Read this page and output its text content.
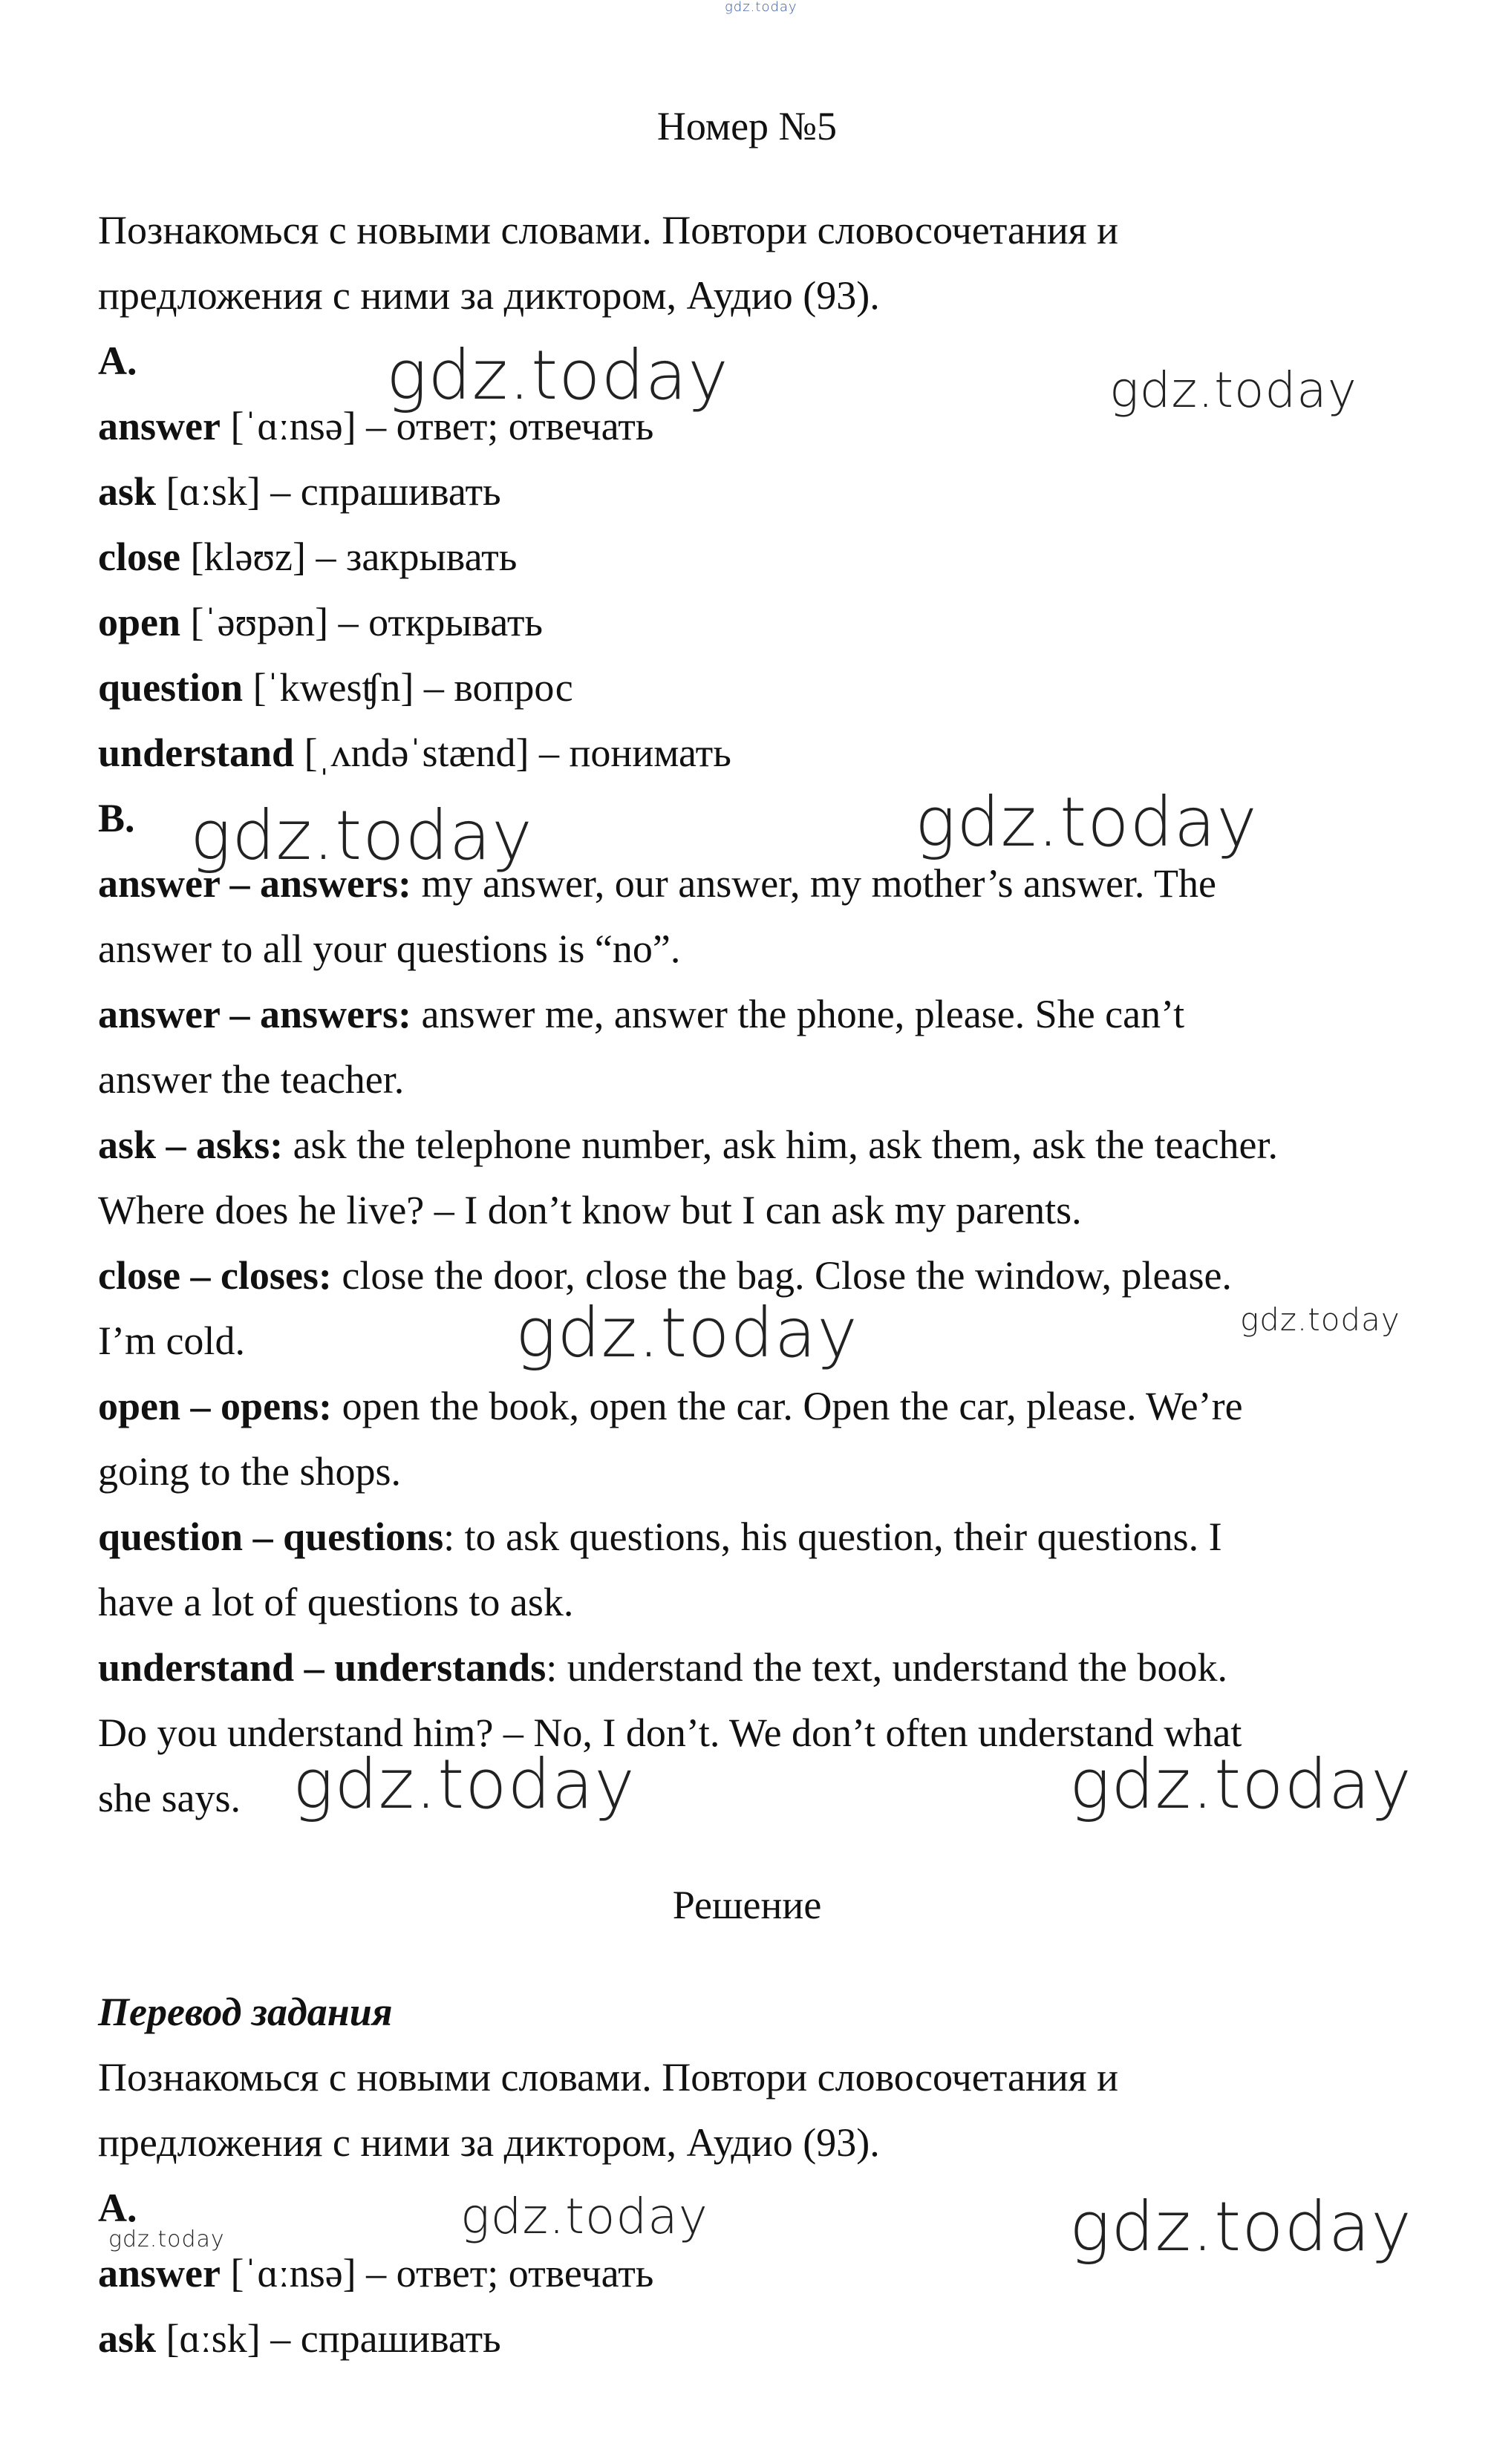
gdz.today

Номер №5

Познакомься с новыми словами. Повтори словосочетания и

предложения с ними за диктором, Аудио (93).

A.

answer [ˈɑːnsə] – ответ; отвечать

ask [ɑːsk] – спрашивать

close [kləʊz] – закрывать

open [ˈəʊpən] – открывать

question [ˈkwesʧn] – вопрос

understand [ˌʌndəˈstænd] – понимать

B.

answer – answers: my answer, our answer, my mother’s answer. The

answer to all your questions is “no”.

answer – answers: answer me, answer the phone, please. She can’t

answer the teacher.

ask – asks: ask the telephone number, ask him, ask them, ask the teacher.

Where does he live? – I don’t know but I can ask my parents.

close – closes: close the door, close the bag. Close the window, please.

I’m cold.

open – opens: open the book, open the car. Open the car, please. We’re

going to the shops.

question – questions: to ask questions, his question, their questions. I

have a lot of questions to ask.

understand – understands: understand the text, understand the book.

Do you understand him? – No, I don’t. We don’t often understand what

she says.

Решение

Перевод задания

Познакомься с новыми словами. Повтори словосочетания и

предложения с ними за диктором, Аудио (93).

A.

answer [ˈɑːnsə] – ответ; отвечать

ask [ɑːsk] – спрашивать

gdz.today	gdz.today
gdz.today	gdz.today
gdz.today	gdz.today
gdz.today	gdz.today
gdz.today	gdz.today
gdz.today
